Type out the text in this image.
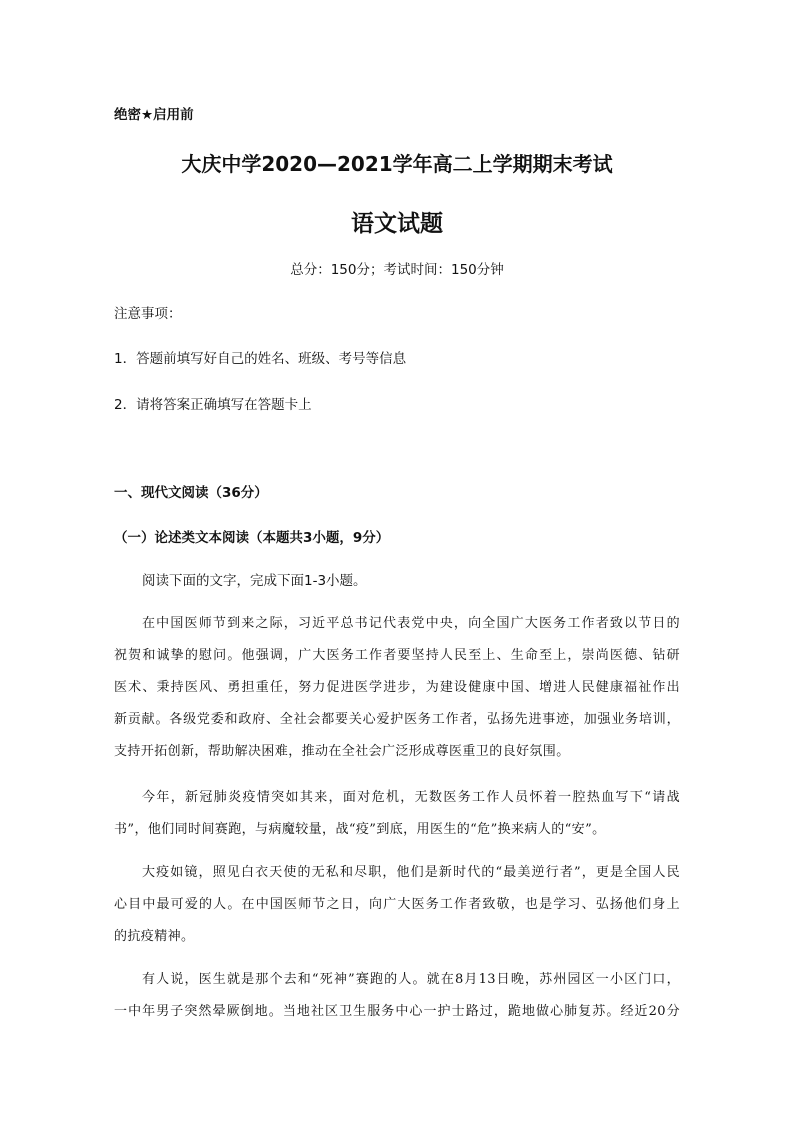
绝密★启用前
大庆中学2020—2021学年高二上学期期末考试
语文试题
总分：150分；考试时间：150分钟
注意事项：
1．答题前填写好自己的姓名、班级、考号等信息
2．请将答案正确填写在答题卡上
一、现代文阅读（36分）
（一）论述类文本阅读（本题共3小题，9分）
阅读下面的文字，完成下面1-3小题。
在中国医师节到来之际，习近平总书记代表党中央，向全国广大医务工作者致以节日的
祝贺和诚挚的慰问。他强调，广大医务工作者要坚持人民至上、生命至上，崇尚医德、钻研
医术、秉持医风、勇担重任，努力促进医学进步，为建设健康中国、增进人民健康福祉作出
新贡献。各级党委和政府、全社会都要关心爱护医务工作者，弘扬先进事迹，加强业务培训，
支持开拓创新，帮助解决困难，推动在全社会广泛形成尊医重卫的良好氛围。
今年，新冠肺炎疫情突如其来，面对危机，无数医务工作人员怀着一腔热血写下“请战
书”，他们同时间赛跑，与病魔较量，战“疫”到底，用医生的“危”换来病人的“安”。
大疫如镜，照见白衣天使的无私和尽职，他们是新时代的“最美逆行者”，更是全国人民
心目中最可爱的人。在中国医师节之日，向广大医务工作者致敬，也是学习、弘扬他们身上
的抗疫精神。
有人说，医生就是那个去和“死神”赛跑的人。就在8月13日晚，苏州园区一小区门口，
一中年男子突然晕厥倒地。当地社区卫生服务中心一护士路过，跪地做心肺复苏。经近20分
